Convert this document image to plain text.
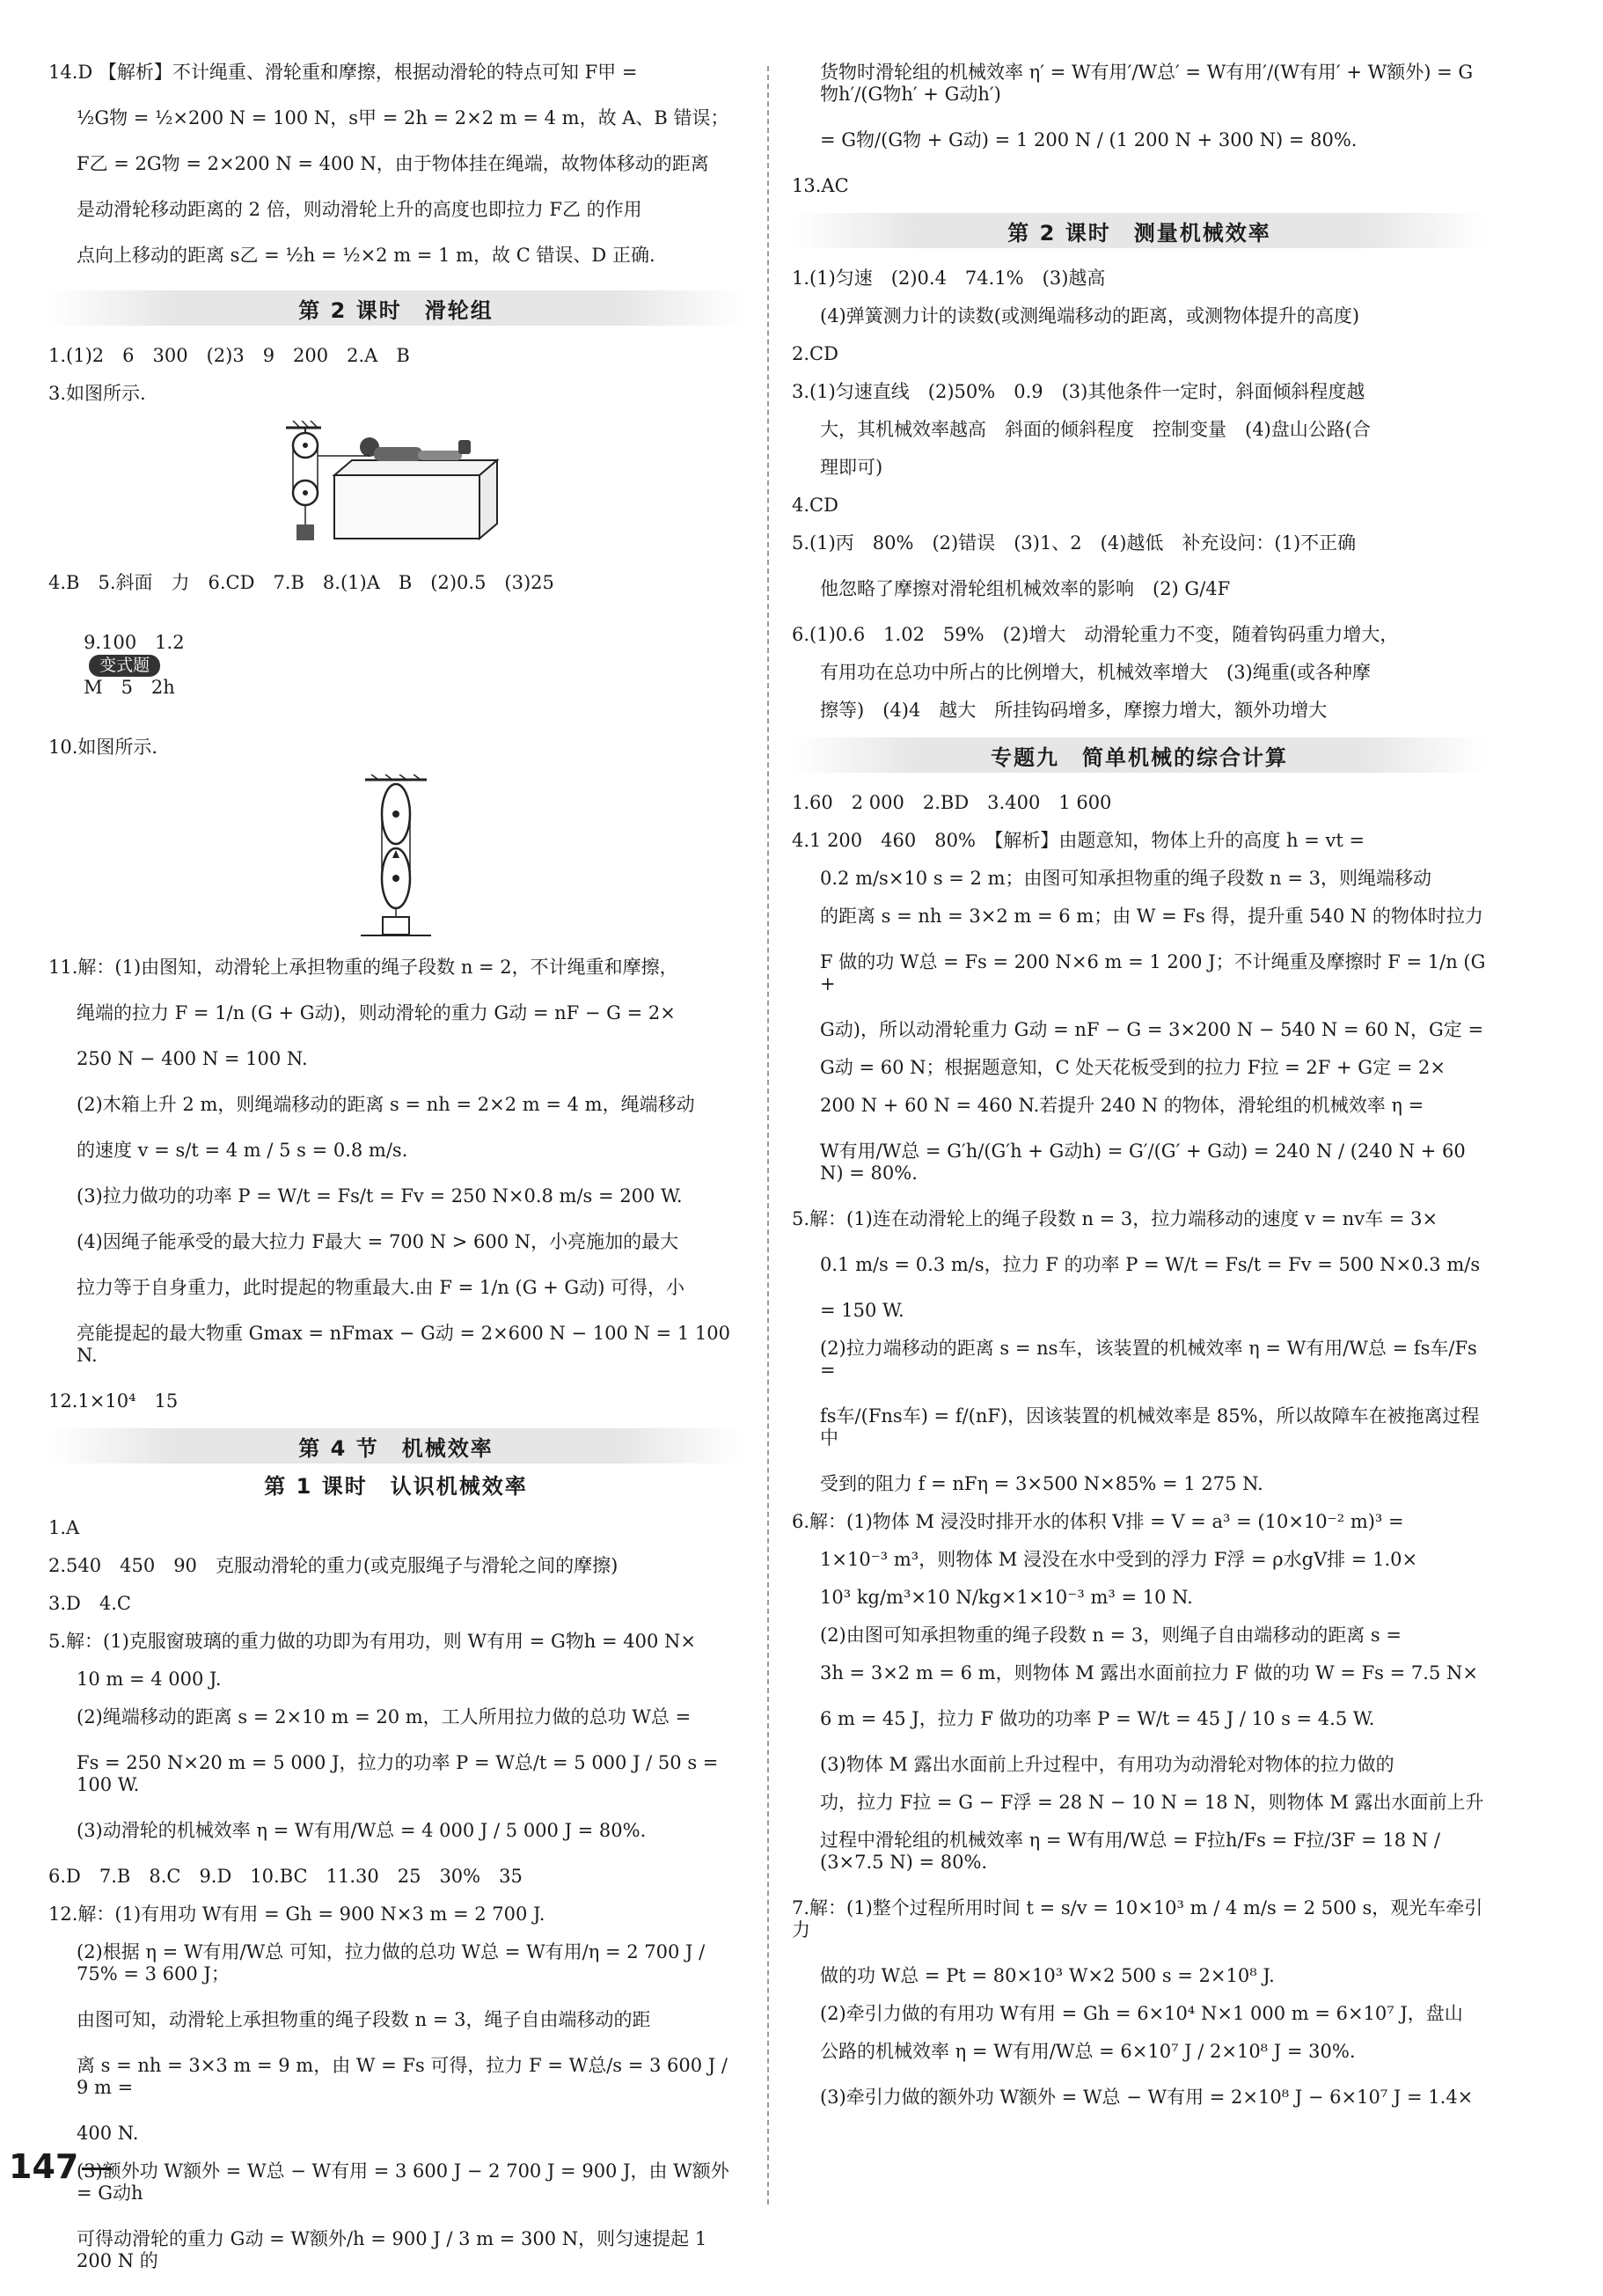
14.D 【解析】不计绳重、滑轮重和摩擦，根据动滑轮的特点可知 F甲 =

½G物 = ½×200 N = 100 N，s甲 = 2h = 2×2 m = 4 m，故 A、B 错误；

F乙 = 2G物 = 2×200 N = 400 N，由于物体挂在绳端，故物体移动的距离

是动滑轮移动距离的 2 倍，则动滑轮上升的高度也即拉力 F乙 的作用

点向上移动的距离 s乙 = ½h = ½×2 m = 1 m，故 C 错误、D 正确.

第 2 课时　滑轮组

1.(1)2　6　300　(2)3　9　200　2.A　B

3.如图所示.

4.B　5.斜面　力　6.CD　7.B　8.(1)A　B　(2)0.5　(3)25

9.100　1.2
变式题
M　5　2h

10.如图所示.

11.解：(1)由图知，动滑轮上承担物重的绳子段数 n = 2，不计绳重和摩擦，

绳端的拉力 F = 1/n (G + G动)，则动滑轮的重力 G动 = nF − G = 2×

250 N − 400 N = 100 N.

(2)木箱上升 2 m，则绳端移动的距离 s = nh = 2×2 m = 4 m，绳端移动

的速度 v = s/t = 4 m / 5 s = 0.8 m/s.

(3)拉力做功的功率 P = W/t = Fs/t = Fv = 250 N×0.8 m/s = 200 W.

(4)因绳子能承受的最大拉力 F最大 = 700 N > 600 N，小亮施加的最大

拉力等于自身重力，此时提起的物重最大.由 F = 1/n (G + G动) 可得，小

亮能提起的最大物重 Gmax = nFmax − G动 = 2×600 N − 100 N = 1 100 N.

12.1×10⁴　15

第 4 节　机械效率
第 1 课时　认识机械效率

1.A

2.540　450　90　克服动滑轮的重力(或克服绳子与滑轮之间的摩擦)

3.D　4.C

5.解：(1)克服窗玻璃的重力做的功即为有用功，则 W有用 = G物h = 400 N×

10 m = 4 000 J.

(2)绳端移动的距离 s = 2×10 m = 20 m，工人所用拉力做的总功 W总 =

Fs = 250 N×20 m = 5 000 J，拉力的功率 P = W总/t = 5 000 J / 50 s = 100 W.

(3)动滑轮的机械效率 η = W有用/W总 = 4 000 J / 5 000 J = 80%.

6.D　7.B　8.C　9.D　10.BC　11.30　25　30%　35

12.解：(1)有用功 W有用 = Gh = 900 N×3 m = 2 700 J.

(2)根据 η = W有用/W总 可知，拉力做的总功 W总 = W有用/η = 2 700 J / 75% = 3 600 J；

由图可知，动滑轮上承担物重的绳子段数 n = 3，绳子自由端移动的距

离 s = nh = 3×3 m = 9 m，由 W = Fs 可得，拉力 F = W总/s = 3 600 J / 9 m =

400 N.

(3)额外功 W额外 = W总 − W有用 = 3 600 J − 2 700 J = 900 J，由 W额外 = G动h

可得动滑轮的重力 G动 = W额外/h = 900 J / 3 m = 300 N，则匀速提起 1 200 N 的

货物时滑轮组的机械效率 η′ = W有用′/W总′ = W有用′/(W有用′ + W额外) = G物h′/(G物h′ + G动h′)

= G物/(G物 + G动) = 1 200 N / (1 200 N + 300 N) = 80%.

13.AC

第 2 课时　测量机械效率

1.(1)匀速　(2)0.4　74.1%　(3)越高

(4)弹簧测力计的读数(或测绳端移动的距离，或测物体提升的高度)

2.CD

3.(1)匀速直线　(2)50%　0.9　(3)其他条件一定时，斜面倾斜程度越

大，其机械效率越高　斜面的倾斜程度　控制变量　(4)盘山公路(合

理即可)

4.CD

5.(1)丙　80%　(2)错误　(3)1、2　(4)越低　补充设问：(1)不正确

他忽略了摩擦对滑轮组机械效率的影响　(2) G/4F

6.(1)0.6　1.02　59%　(2)增大　动滑轮重力不变，随着钩码重力增大，

有用功在总功中所占的比例增大，机械效率增大　(3)绳重(或各种摩

擦等)　(4)4　越大　所挂钩码增多，摩擦力增大，额外功增大

专题九　简单机械的综合计算

1.60　2 000　2.BD　3.400　1 600

4.1 200　460　80%　【解析】由题意知，物体上升的高度 h = vt =

0.2 m/s×10 s = 2 m；由图可知承担物重的绳子段数 n = 3，则绳端移动

的距离 s = nh = 3×2 m = 6 m；由 W = Fs 得，提升重 540 N 的物体时拉力

F 做的功 W总 = Fs = 200 N×6 m = 1 200 J；不计绳重及摩擦时 F = 1/n (G +

G动)，所以动滑轮重力 G动 = nF − G = 3×200 N − 540 N = 60 N，G定 =

G动 = 60 N；根据题意知，C 处天花板受到的拉力 F拉 = 2F + G定 = 2×

200 N + 60 N = 460 N.若提升 240 N 的物体，滑轮组的机械效率 η =

W有用/W总 = G′h/(G′h + G动h) = G′/(G′ + G动) = 240 N / (240 N + 60 N) = 80%.

5.解：(1)连在动滑轮上的绳子段数 n = 3，拉力端移动的速度 v = nv车 = 3×

0.1 m/s = 0.3 m/s，拉力 F 的功率 P = W/t = Fs/t = Fv = 500 N×0.3 m/s

= 150 W.

(2)拉力端移动的距离 s = ns车，该装置的机械效率 η = W有用/W总 = fs车/Fs =

fs车/(Fns车) = f/(nF)，因该装置的机械效率是 85%，所以故障车在被拖离过程中

受到的阻力 f = nFη = 3×500 N×85% = 1 275 N.

6.解：(1)物体 M 浸没时排开水的体积 V排 = V = a³ = (10×10⁻² m)³ =

1×10⁻³ m³，则物体 M 浸没在水中受到的浮力 F浮 = ρ水gV排 = 1.0×

10³ kg/m³×10 N/kg×1×10⁻³ m³ = 10 N.

(2)由图可知承担物重的绳子段数 n = 3，则绳子自由端移动的距离 s =

3h = 3×2 m = 6 m，则物体 M 露出水面前拉力 F 做的功 W = Fs = 7.5 N×

6 m = 45 J，拉力 F 做功的功率 P = W/t = 45 J / 10 s = 4.5 W.

(3)物体 M 露出水面前上升过程中，有用功为动滑轮对物体的拉力做的

功，拉力 F拉 = G − F浮 = 28 N − 10 N = 18 N，则物体 M 露出水面前上升

过程中滑轮组的机械效率 η = W有用/W总 = F拉h/Fs = F拉/3F = 18 N / (3×7.5 N) = 80%.

7.解：(1)整个过程所用时间 t = s/v = 10×10³ m / 4 m/s = 2 500 s，观光车牵引力

做的功 W总 = Pt = 80×10³ W×2 500 s = 2×10⁸ J.

(2)牵引力做的有用功 W有用 = Gh = 6×10⁴ N×1 000 m = 6×10⁷ J，盘山

公路的机械效率 η = W有用/W总 = 6×10⁷ J / 2×10⁸ J = 30%.

(3)牵引力做的额外功 W额外 = W总 − W有用 = 2×10⁸ J − 6×10⁷ J = 1.4×

147
